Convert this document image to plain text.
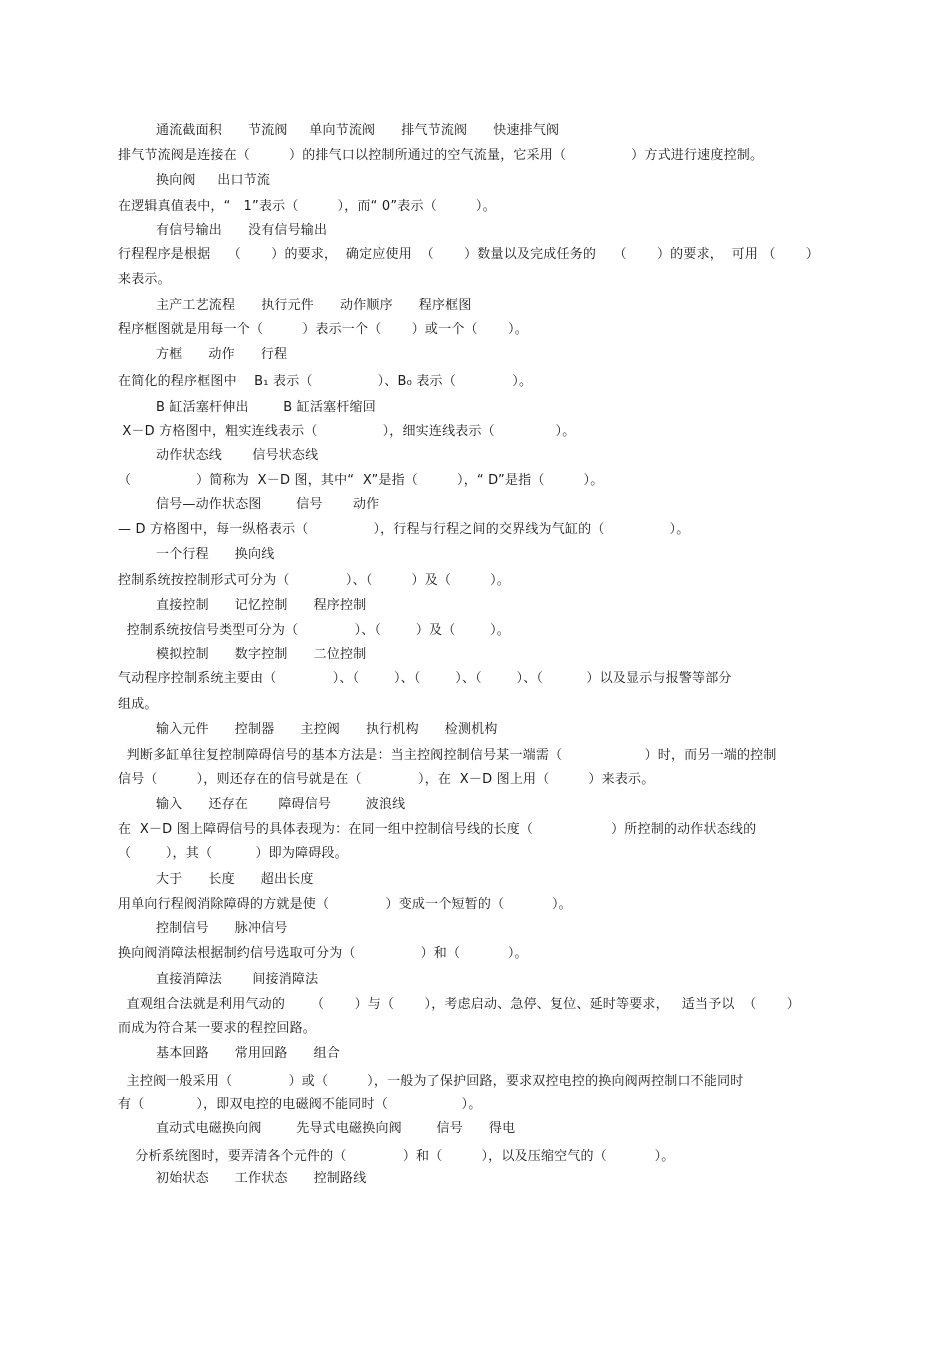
通流截面积      节流阀     单向节流阀      排气节流阀      快速排气阀
排气节流阀是连接在（         ）的排气口以控制所通过的空气流量，它采用（               ）方式进行速度控制。
换向阀     出口节流
在逻辑真值表中，“   1”表示（         ），而“ 0”表示（         ）。
有信号输出      没有信号输出
行程程序是根据    （       ）的要求，  确定应使用  （       ）数量以及完成任务的    （       ）的要求，  可用 （       ）
来表示。
主产工艺流程      执行元件      动作顺序      程序框图
程序框图就是用每一个（         ）表示一个（       ）或一个（       ）。
方框      动作      行程
在简化的程序框图中    B₁ 表示（               ）、B₀ 表示（             ）。
B 缸活塞杆伸出        B 缸活塞杆缩回
X－D 方格图中，粗实连线表示（               ），细实连线表示（              ）。
动作状态线       信号状态线
（               ）简称为  X－D 图，其中“  X”是指（         ），“ D”是指（         ）。
信号—动作状态图        信号       动作
— D 方格图中，每一纵格表示（               ），行程与行程之间的交界线为气缸的（               ）。
一个行程      换向线
控制系统按控制形式可分为（             ）、（         ）及（         ）。
直接控制      记忆控制      程序控制
控制系统按信号类型可分为（             ）、（        ）及（        ）。
模拟控制      数字控制      二位控制
气动程序控制系统主要由（             ）、（        ）、（        ）、（        ）、（          ）以及显示与报警等部分
组成。
输入元件      控制器      主控阀      执行机构      检测机构
判断多缸单往复控制障碍信号的基本方法是：当主控阀控制信号某一端需（                   ）时，而另一端的控制
信号（         ），则还存在的信号就是在（             ），在  X－D 图上用（         ）来表示。
输入      还存在       障碍信号        波浪线
在  X－D 图上障碍信号的具体表现为：在同一组中控制信号线的长度（                  ）所控制的动作状态线的
（        ），其（          ）即为障碍段。
大于      长度      超出长度
用单向行程阀消除障碍的方就是使（             ）变成一个短暂的（           ）。
控制信号      脉冲信号
换向阀消障法根据制约信号选取可分为（               ）和（           ）。
直接消障法       间接消障法
直观组合法就是利用气动的      （       ）与（       ），考虑启动、急停、复位、延时等要求，   适当予以  （       ）
而成为符合某一要求的程控回路。
基本回路      常用回路      组合
主控阀一般采用（             ）或（         ），一般为了保护回路，要求双控电控的换向阀两控制口不能同时
有（            ），即双电控的电磁阀不能同时（                 ）。
直动式电磁换向阀        先导式电磁换向阀        信号      得电
分析系统图时，要弄清各个元件的（             ）和（         ），以及压缩空气的（           ）。
初始状态      工作状态      控制路线
